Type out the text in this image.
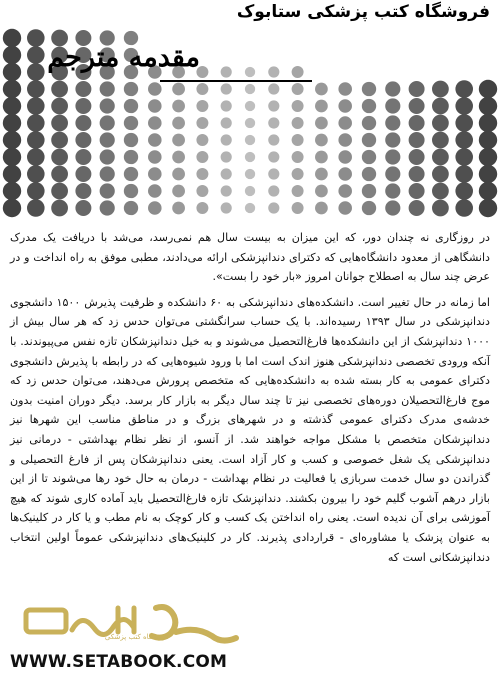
فروشگاه کتب پزشکی ستابوک
مقدمه مترجم

در روزگاری نه چندان دور، که این میزان به بیست سال هم نمی‌رسد، می‌شد با دریافت یک مدرک دانشگاهی از معدود دانشگاه‌هایی که دکترای دندانپزشکی ارائه می‌دادند، مطبی موفق به راه انداخت و در عرض چند سال به اصطلاح جوانان امروز «بار خود را بست».

اما زمانه در حال تغییر است. دانشکده‌های دندانپزشکی به ۶۰ دانشکده و ظرفیت پذیرش ۱۵۰۰ دانشجوی دندانپزشکی در سال ۱۳۹۳ رسیده‌اند. با یک حساب سرانگشتی می‌توان حدس زد که هر سال بیش از ۱۰۰۰ دندانپزشک از این دانشکده‌ها فارغ‌التحصیل می‌شوند و به خیل دندانپزشکان تازه نفس می‌پیوندند. با آنکه ورودی تخصصی دندانپزشکی هنوز اندک است اما با ورود شیوه‌هایی که در رابطه با پذیرش دانشجوی دکترای عمومی به کار بسته شده به دانشکده‌هایی که متخصص پرورش می‌دهند، می‌توان حدس زد که موج فارغ‌التحصیلان دوره‌های تخصصی نیز تا چند سال دیگر به بازار کار برسد. دیگر دوران امنیت بدون خدشه‌ی مدرک دکترای عمومی گذشته و در شهرهای بزرگ و در مناطق مناسب این شهرها نیز دندانپزشکان متخصص با مشکل مواجه خواهند شد. از آنسو، از نظر نظام بهداشتی - درمانی نیز دندانپزشکی یک شغل خصوصی و کسب و کار آزاد است. یعنی دندانپزشکان پس از فارغ التحصیلی و گذراندن دو سال خدمت سربازی یا فعالیت در نظام بهداشت - درمان به حال خود رها می‌شوند تا از این بازار درهم آشوب گلیم خود را بیرون بکشند. دندانپزشک تازه فارغ‌التحصیل باید آماده کاری شوند که هیچ آموزشی برای آن ندیده است. یعنی راه انداختن یک کسب و کار کوچک به نام مطب و یا کار در کلینیک‌ها به عنوان پزشک یا مشاوره‌ای - قراردادی پذیرند. کار در کلینیک‌های دندانپزشکی عموماً اولین انتخاب دندانپزشکانی است که

فروشگاه کتب پزشکی
WWW.SETABOOK.COM
